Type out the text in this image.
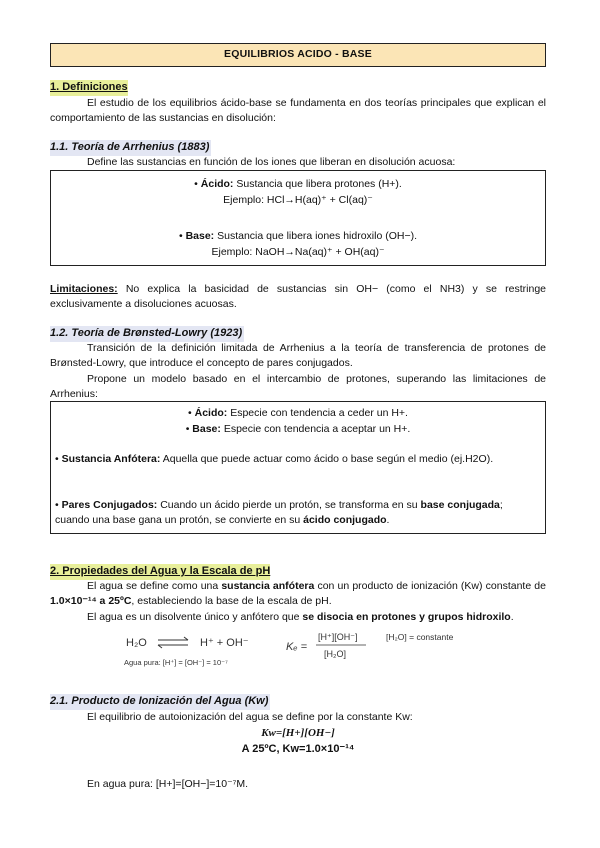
EQUILIBRIOS ACIDO - BASE
1. Definiciones
El estudio de los equilibrios ácido-base se fundamenta en dos teorías principales que explican el comportamiento de las sustancias en disolución:
1.1. Teoría de Arrhenius (1883)
Define las sustancias en función de los iones que liberan en disolución acuosa:
• Ácido: Sustancia que libera protones (H+).
Ejemplo: HCl→H(aq)⁺ + Cl(aq)⁻
• Base: Sustancia que libera iones hidroxilo (OH−).
Ejemplo: NaOH→Na(aq)⁺ + OH(aq)⁻
Limitaciones: No explica la basicidad de sustancias sin OH− (como el NH3) y se restringe exclusivamente a disoluciones acuosas.
1.2. Teoría de Brønsted-Lowry (1923)
Transición de la definición limitada de Arrhenius a la teoría de transferencia de protones de Brønsted-Lowry, que introduce el concepto de pares conjugados.
Propone un modelo basado en el intercambio de protones, superando las limitaciones de Arrhenius:
• Ácido: Especie con tendencia a ceder un H+.
• Base: Especie con tendencia a aceptar un H+.
• Sustancia Anfótera: Aquella que puede actuar como ácido o base según el medio (ej.H2O).
• Pares Conjugados: Cuando un ácido pierde un protón, se transforma en su base conjugada; cuando una base gana un protón, se convierte en su ácido conjugado.
2. Propiedades del Agua y la Escala de pH
El agua se define como una sustancia anfótera con un producto de ionización (Kw) constante de 1.0×10⁻¹⁴ a 25ºC, estableciendo la base de la escala de pH.
El agua es un disolvente único y anfótero que se disocia en protones y grupos hidroxilo.
H₂O	H⁺ + OH⁻
Agua pura: [H⁺] = [OH⁻] = 10⁻⁷
Kₑ =
[H⁺][OH⁻]
[H₂O]
[H₂O] = constante
2.1. Producto de Ionización del Agua (Kw)
El equilibrio de autoionización del agua se define por la constante Kw:
Kw=[H+][OH−]
A 25ºC, Kw=1.0×10⁻¹⁴
En agua pura: [H+]=[OH−]=10⁻⁷M.
